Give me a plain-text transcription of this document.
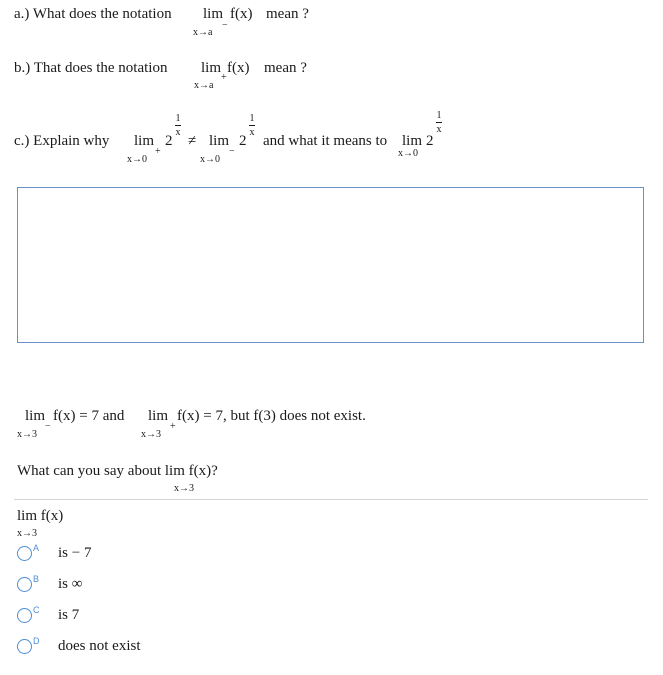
a.) What does the notation lim f(x) mean ?
x→a
−
b.) That does the notation lim f(x) mean ?
x→a
+
c.) Explain why lim
x→0
+
2
1
x
≠ lim
x→0
−
2
1
x
and what it means to lim
x→0
2
1
x
lim f(x) = 7 and
x→3
−
lim f(x) = 7, but f(3) does not exist.
x→3
+
What can you say about lim f(x)?
x→3
lim f(x)
x→3
A is − 7
B is ∞
C is 7
D does not exist
